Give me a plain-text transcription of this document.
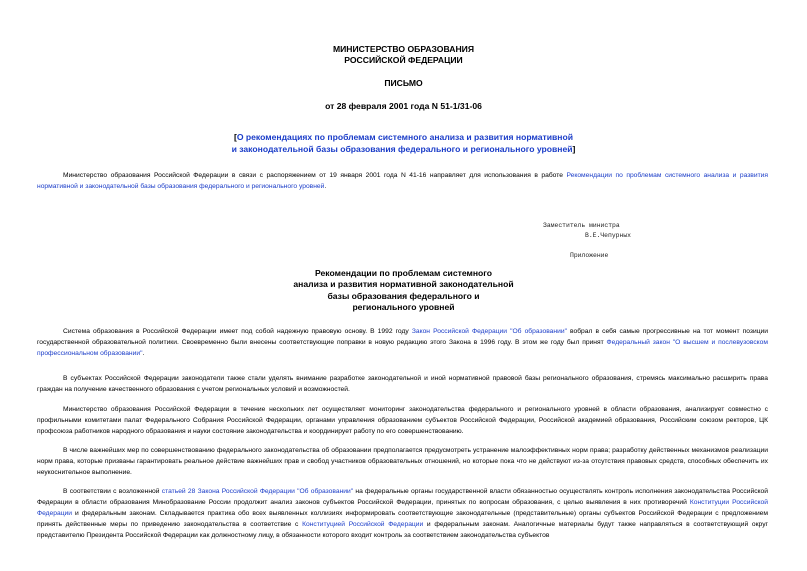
МИНИСТЕРСТВО ОБРАЗОВАНИЯ
РОССИЙСКОЙ ФЕДЕРАЦИИ
ПИСЬМО
от 28 февраля 2001 года N 51-1/31-06
[О рекомендациях по проблемам системного анализа и развития нормативной
и законодательной базы образования федерального и регионального уровней]
Министерство образования Российской Федерации в связи с распоряжением от 19 января 2001 года N 41-16 направляет для использования в работе Рекомендации по проблемам системного анализа и развития нормативной и законодательной базы образования федерального и регионального уровней.
Заместитель министра
В.Е.Чепурных
Приложение
Рекомендации по проблемам системного
анализа и развития нормативной законодательной
базы образования федерального и
регионального уровней
Система образования в Российской Федерации имеет под собой надежную правовую основу. В 1992 году Закон Российской Федерации "Об образовании" вобрал в себя самые прогрессивные на тот момент позиции государственной образовательной политики. Своевременно были внесены соответствующие поправки в новую редакцию этого Закона в 1996 году. В этом же году был принят Федеральный закон "О высшем и послевузовском профессиональном образовании".
В субъектах Российской Федерации законодатели также стали уделять внимание разработке законодательной и иной нормативной правовой базы регионального образования, стремясь максимально расширить права граждан на получение качественного образования с учетом региональных условий и возможностей.
Министерство образования Российской Федерации в течение нескольких лет осуществляет мониторинг законодательства федерального и регионального уровней в области образования, анализирует совместно с профильными комитетами палат Федерального Собрания Российской Федерации, органами управления образованием субъектов Российской Федерации, Российской академией образования, Российским союзом ректоров, ЦК профсоюза работников народного образования и науки состояние законодательства и координирует работу по его совершенствованию.
В числе важнейших мер по совершенствованию федерального законодательства об образовании предполагается предусмотреть устранение малоэффективных норм права; разработку действенных механизмов реализации норм права, которые призваны гарантировать реальное действие важнейших прав и свобод участников образовательных отношений, но которые пока что не действуют из-за отсутствия правовых средств, способных обеспечить их неукоснительное выполнение.
В соответствии с возложенной статьей 28 Закона Российской Федерации "Об образовании" на федеральные органы государственной власти обязанностью осуществлять контроль исполнения законодательства Российской Федерации в области образования Минобразование России продолжит анализ законов субъектов Российской Федерации, принятых по вопросам образования, с целью выявления в них противоречий Конституции Российской Федерации и федеральным законам. Складывается практика обо всех выявленных коллизиях информировать соответствующие законодательные (представительные) органы субъектов Российской Федерации с предложением принять действенные меры по приведению законодательства в соответствие с Конституцией Российской Федерации и федеральным законам. Аналогичные материалы будут также направляться в соответствующий округ представителю Президента Российской Федерации как должностному лицу, в обязанности которого входит контроль за соответствием законодательства субъектов
